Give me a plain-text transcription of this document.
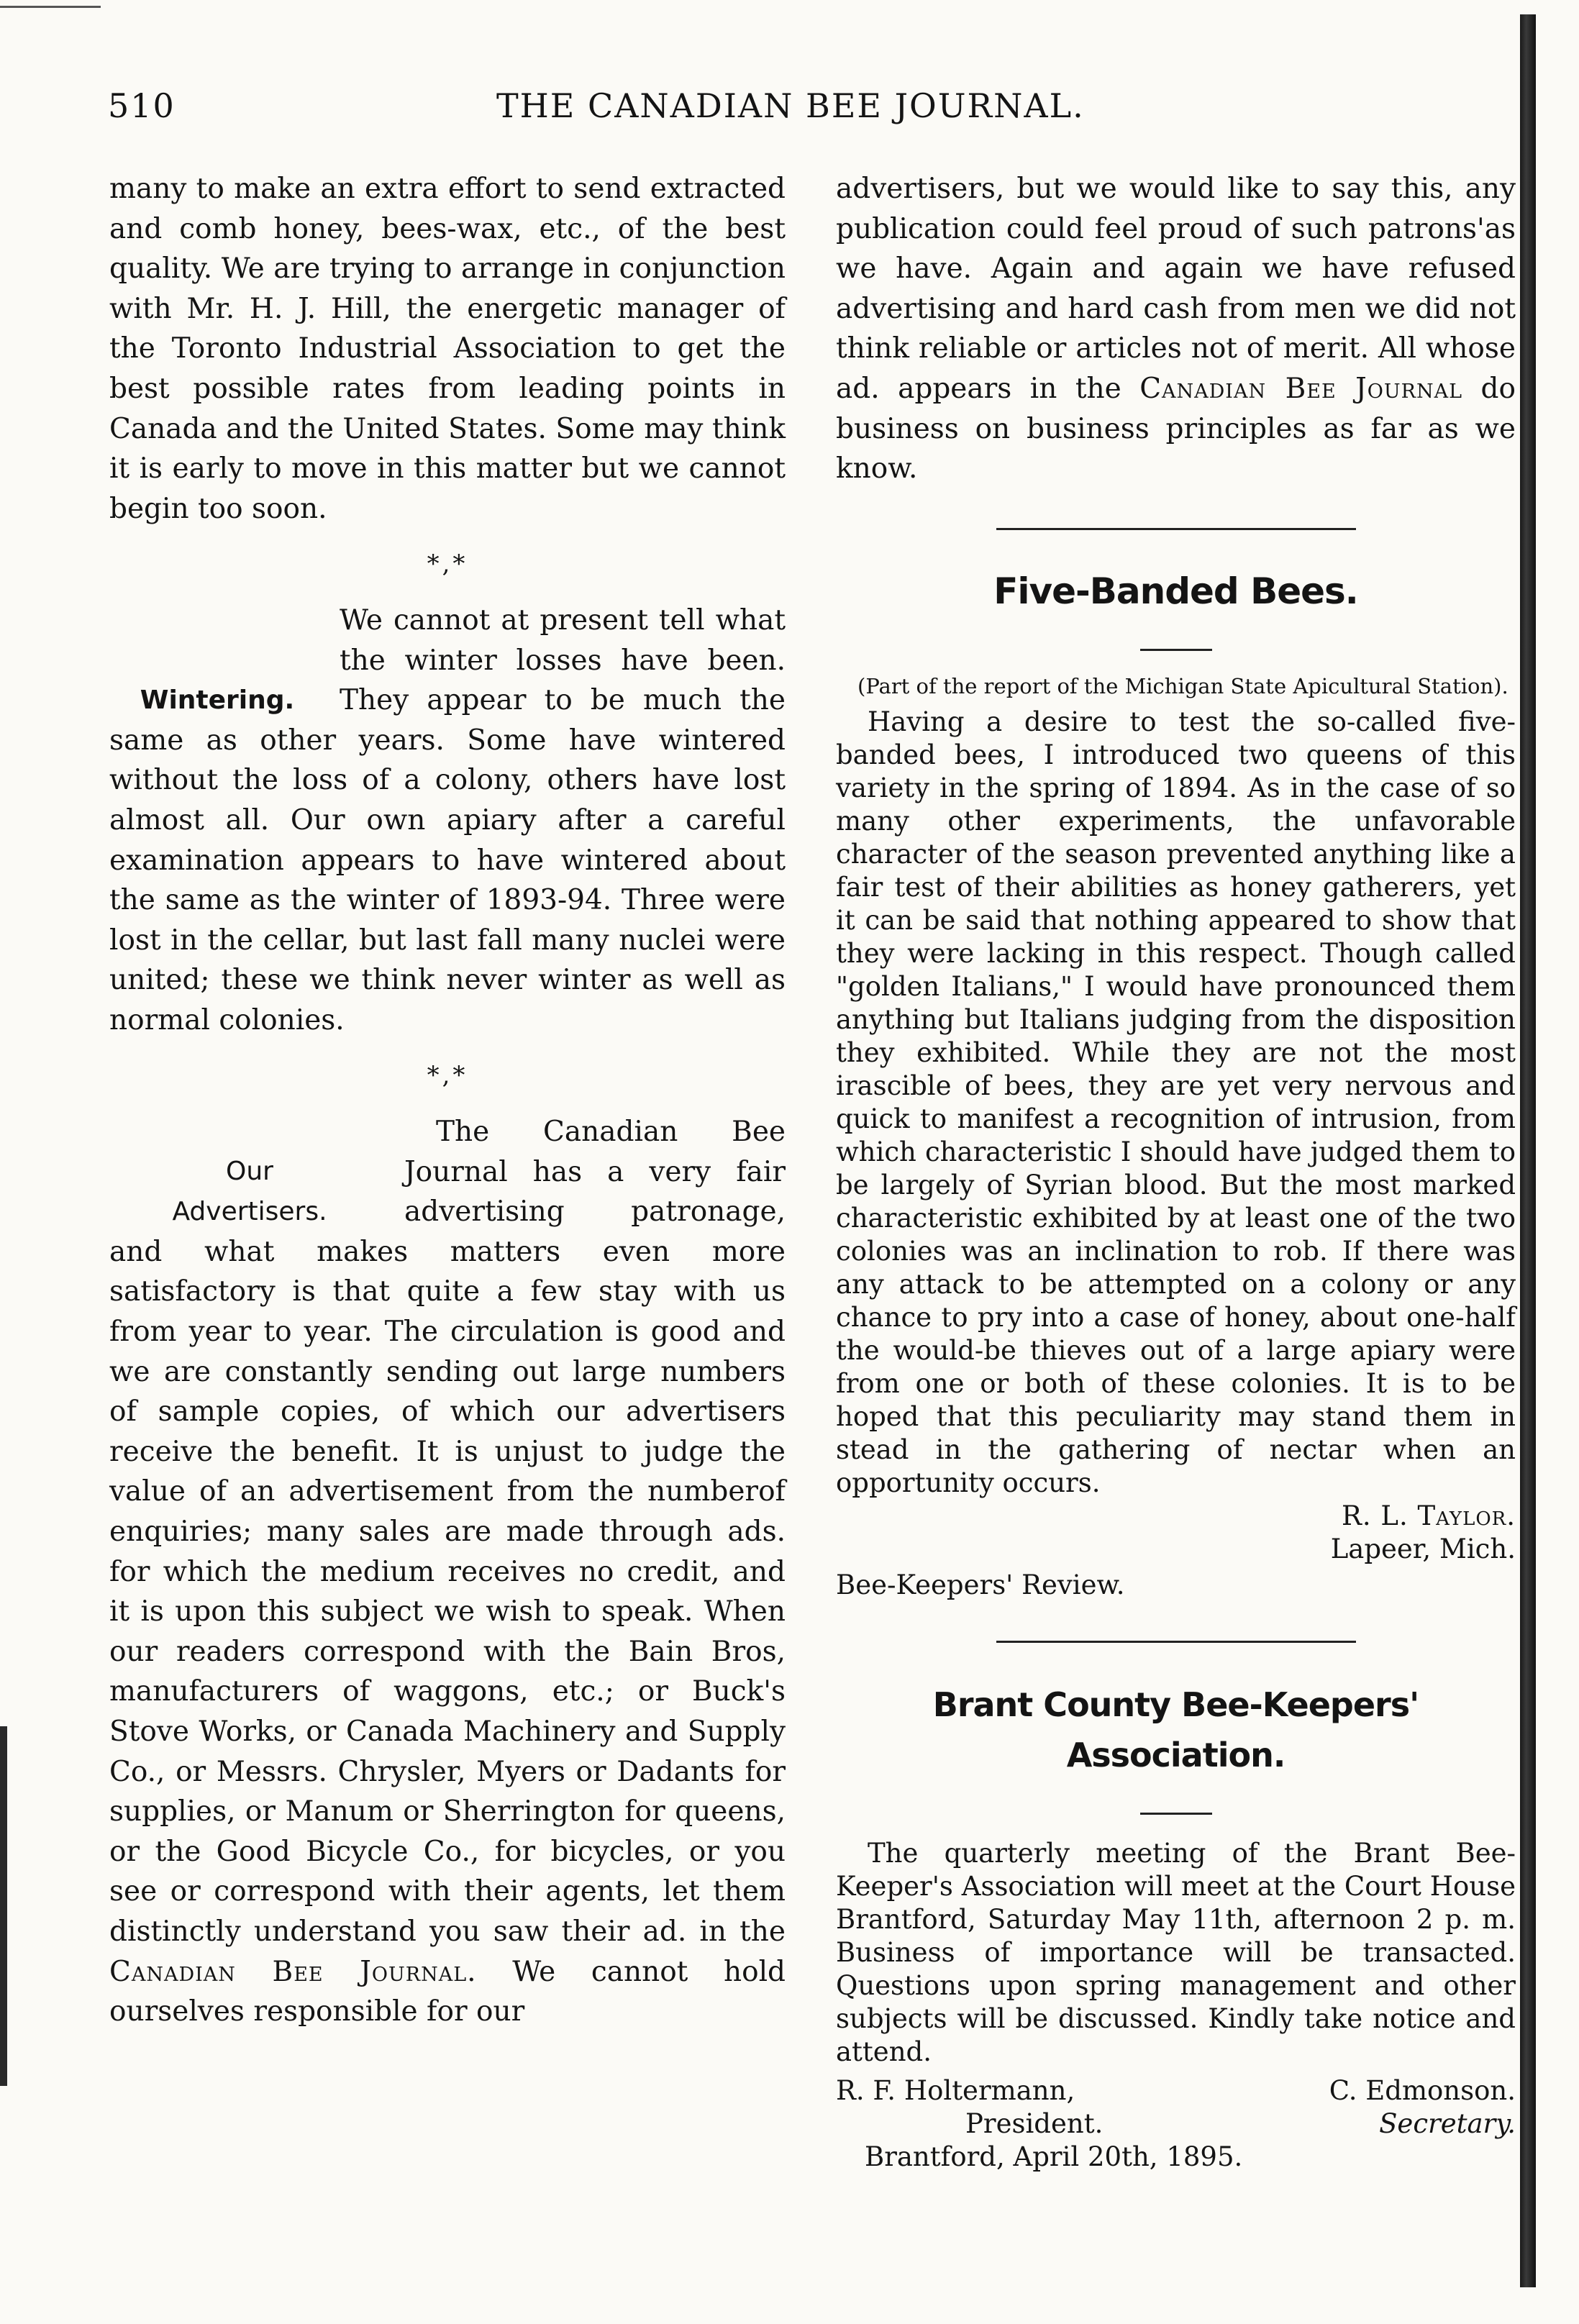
510	THE CANADIAN BEE JOURNAL.

many to make an extra effort to send extracted and comb honey, bees-wax, etc., of the best quality. We are trying to arrange in conjunction with Mr. H. J. Hill, the energetic manager of the Toronto Industrial Association to get the best possible rates from leading points in Canada and the United States. Some may think it is early to move in this matter but we cannot begin too soon.

*,*

Wintering.
We cannot at present tell what the winter losses have been. They appear to be much the same as other years. Some have wintered without the loss of a colony, others have lost almost all. Our own apiary after a careful examination appears to have wintered about the same as the winter of 1893-94. Three were lost in the cellar, but last fall many nuclei were united; these we think never winter as well as normal colonies.

*,*
Our
Advertisers.

The Canadian Bee Journal has a very fair advertising patronage, and what makes matters even more satisfactory is that quite a few stay with us from year to year. The circulation is good and we are constantly sending out large numbers of sample copies, of which our advertisers receive the benefit. It is unjust to judge the value of an advertisement from the numberof enquiries; many sales are made through ads. for which the medium receives no credit, and it is upon this subject we wish to speak. When our readers correspond with the Bain Bros, manufacturers of waggons, etc.; or Buck's Stove Works, or Canada Machinery and Supply Co., or Messrs. Chrysler, Myers or Dadants for supplies, or Manum or Sherrington for queens, or the Good Bicycle Co., for bicycles, or you see or correspond with their agents, let them distinctly understand you saw their ad. in the Canadian Bee Journal. We cannot hold ourselves responsible for our

advertisers, but we would like to say this, any publication could feel proud of such patrons'as we have. Again and again we have refused advertising and hard cash from men we did not think reliable or articles not of merit. All whose ad. appears in the Canadian Bee Journal do business on business principles as far as we know.

Five-Banded Bees.

(Part of the report of the Michigan State Apicultural Station).

Having a desire to test the so-called five-banded bees, I introduced two queens of this variety in the spring of 1894. As in the case of so many other experiments, the unfavorable character of the season prevented anything like a fair test of their abilities as honey gatherers, yet it can be said that nothing appeared to show that they were lacking in this respect. Though called "golden Italians," I would have pronounced them anything but Italians judging from the disposition they exhibited. While they are not the most irascible of bees, they are yet very nervous and quick to manifest a recognition of intrusion, from which characteristic I should have judged them to be largely of Syrian blood. But the most marked characteristic exhibited by at least one of the two colonies was an inclination to rob. If there was any attack to be attempted on a colony or any chance to pry into a case of honey, about one-half the would-be thieves out of a large apiary were from one or both of these colonies. It is to be hoped that this peculiarity may stand them in stead in the gathering of nectar when an opportunity occurs.

R. L. Taylor.
Lapeer, Mich.
Bee-Keepers' Review.
Brant County Bee-Keepers' Association.

The quarterly meeting of the Brant Bee-Keeper's Association will meet at the Court House Brantford, Saturday May 11th, afternoon 2 p. m. Business of importance will be transacted. Questions upon spring management and other subjects will be discussed. Kindly take notice and attend.

R. F. Holtermann,	C. Edmonson.
President.	Secretary.
Brantford, April 20th, 1895.
